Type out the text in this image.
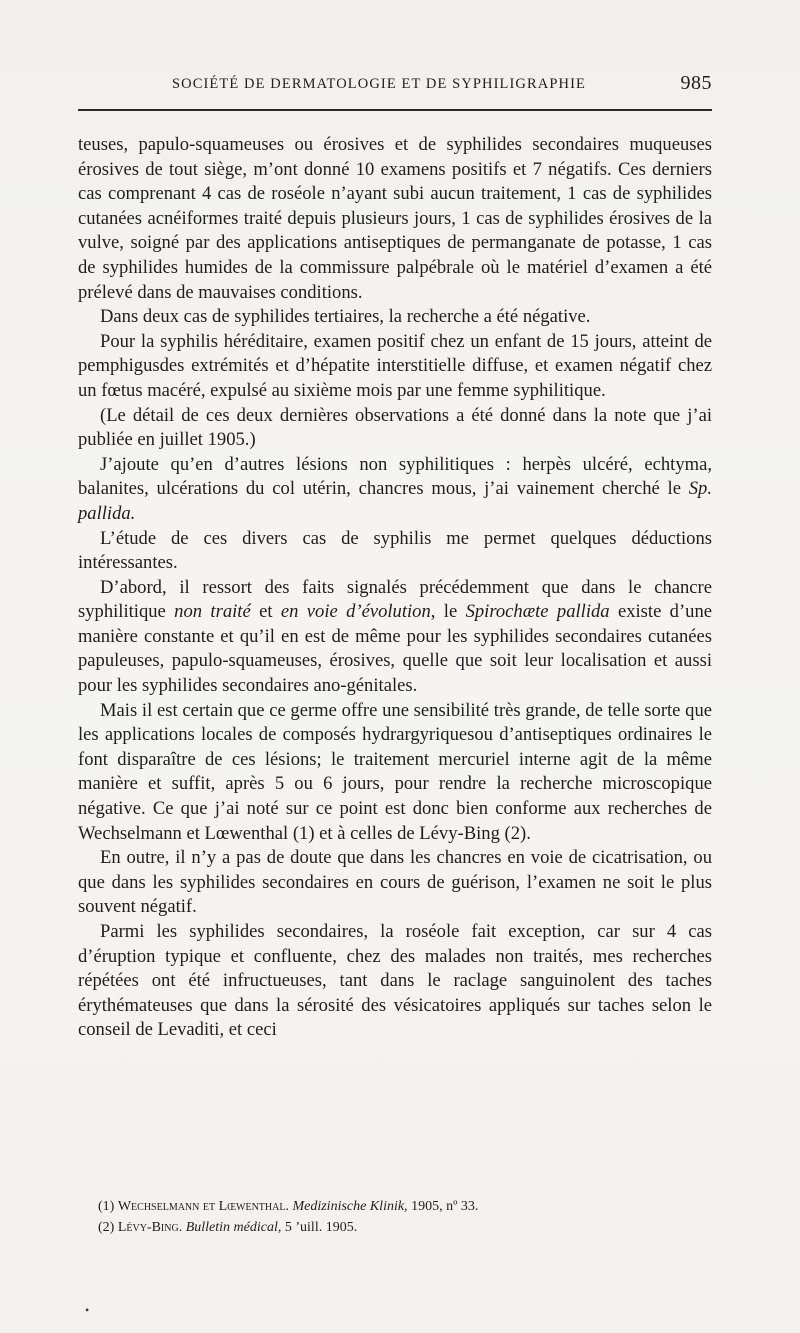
SOCIÉTÉ DE DERMATOLOGIE ET DE SYPHILIGRAPHIE	985

teuses, papulo-squameuses ou érosives et de syphilides secondaires muqueuses érosives de tout siège, m’ont donné 10 examens positifs et 7 négatifs. Ces derniers cas comprenant 4 cas de roséole n’ayant subi aucun traitement, 1 cas de syphilides cutanées acnéiformes traité depuis plusieurs jours, 1 cas de syphilides érosives de la vulve, soigné par des applications antiseptiques de permanganate de potasse, 1 cas de syphilides humides de la commissure palpébrale où le matériel d’examen a été prélevé dans de mauvaises conditions.

Dans deux cas de syphilides tertiaires, la recherche a été négative.

Pour la syphilis héréditaire, examen positif chez un enfant de 15 jours, atteint de pemphigusdes extrémités et d’hépatite interstitielle diffuse, et examen négatif chez un fœtus macéré, expulsé au sixième mois par une femme syphilitique.

(Le détail de ces deux dernières observations a été donné dans la note que j’ai publiée en juillet 1905.)

J’ajoute qu’en d’autres lésions non syphilitiques : herpès ulcéré, echtyma, balanites, ulcérations du col utérin, chancres mous, j’ai vainement cherché le Sp. pallida.

L’étude de ces divers cas de syphilis me permet quelques déductions intéressantes.

D’abord, il ressort des faits signalés précédemment que dans le chancre syphilitique non traité et en voie d’évolution, le Spirochæte pallida existe d’une manière constante et qu’il en est de même pour les syphilides secondaires cutanées papuleuses, papulo-squameuses, érosives, quelle que soit leur localisation et aussi pour les syphilides secondaires ano-génitales.

Mais il est certain que ce germe offre une sensibilité très grande, de telle sorte que les applications locales de composés hydrargyriquesou d’antiseptiques ordinaires le font disparaître de ces lésions; le traitement mercuriel interne agit de la même manière et suffit, après 5 ou 6 jours, pour rendre la recherche microscopique négative. Ce que j’ai noté sur ce point est donc bien conforme aux recherches de Wechselmann et Lœwenthal (1) et à celles de Lévy-Bing (2).

En outre, il n’y a pas de doute que dans les chancres en voie de cicatrisation, ou que dans les syphilides secondaires en cours de guérison, l’examen ne soit le plus souvent négatif.

Parmi les syphilides secondaires, la roséole fait exception, car sur 4 cas d’éruption typique et confluente, chez des malades non traités, mes recherches répétées ont été infructueuses, tant dans le raclage sanguinolent des taches érythémateuses que dans la sérosité des vésicatoires appliqués sur taches selon le conseil de Levaditi, et ceci

(1) Wechselmann et Lœwenthal. Medizinische Klinik, 1905, nº 33.
(2) Lévy-Bing. Bulletin médical, 5 ’uill. 1905.
•
